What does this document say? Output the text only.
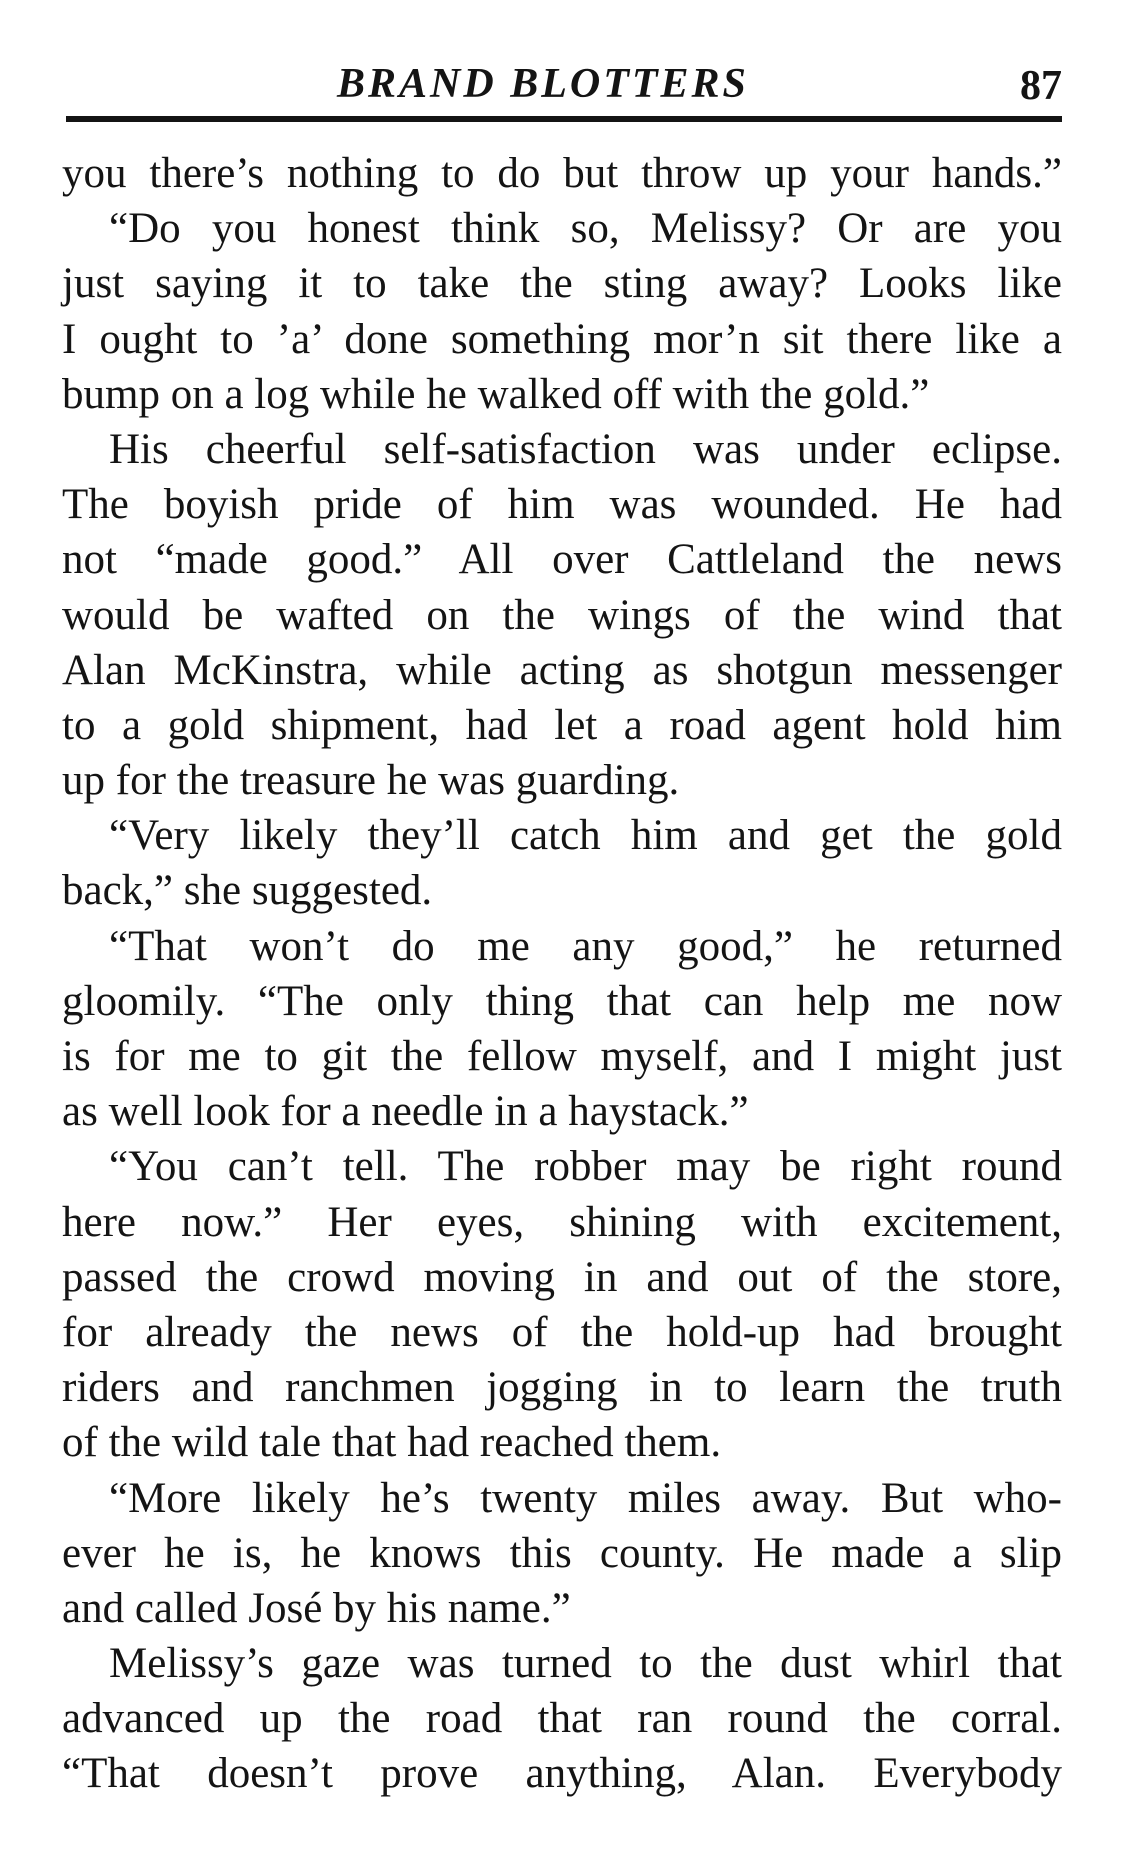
BRAND BLOTTERS	87
you there’s nothing to do but throw up your hands.”
“Do you honest think so, Melissy? Or are you
just saying it to take the sting away? Looks like
I ought to ’a’ done something mor’n sit there like a
bump on a log while he walked off with the gold.”
His cheerful self-satisfaction was under eclipse.
The boyish pride of him was wounded. He had
not “made good.” All over Cattleland the news
would be wafted on the wings of the wind that
Alan McKinstra, while acting as shotgun messenger
to a gold shipment, had let a road agent hold him
up for the treasure he was guarding.
“Very likely they’ll catch him and get the gold
back,” she suggested.
“That won’t do me any good,” he returned
gloomily. “The only thing that can help me now
is for me to git the fellow myself, and I might just
as well look for a needle in a haystack.”
“You can’t tell. The robber may be right round
here now.” Her eyes, shining with excitement,
passed the crowd moving in and out of the store,
for already the news of the hold-up had brought
riders and ranchmen jogging in to learn the truth
of the wild tale that had reached them.
“More likely he’s twenty miles away. But who-
ever he is, he knows this county. He made a slip
and called José by his name.”
Melissy’s gaze was turned to the dust whirl that
advanced up the road that ran round the corral.
“That doesn’t prove anything, Alan. Everybody
